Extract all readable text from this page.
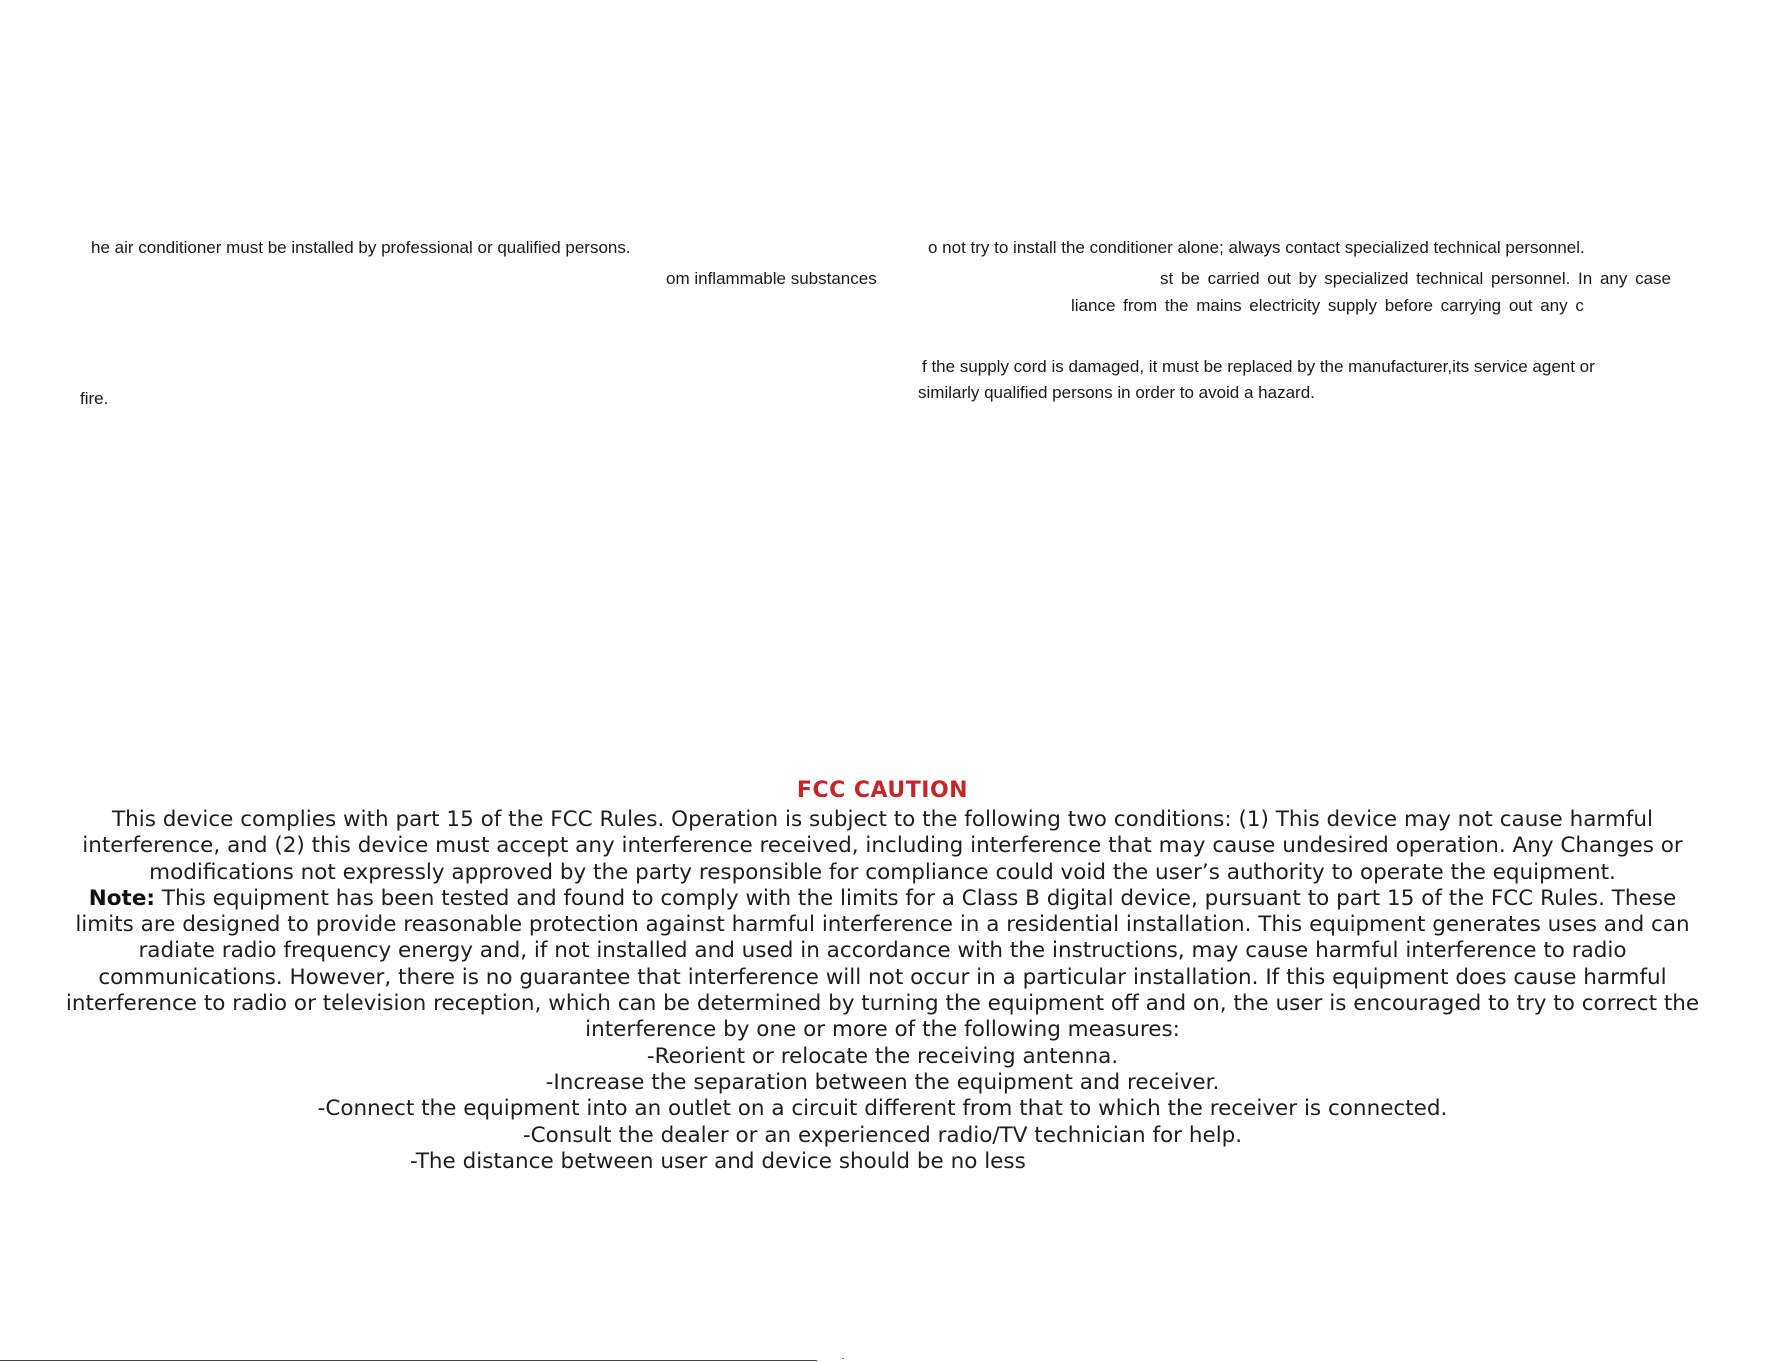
he air conditioner must be installed by professional or qualified persons.
om inflammable substances
fire.
o not try to install the conditioner alone; always contact specialized technical personnel.
st be carried out by specialized technical personnel. In any case
liance from the mains electricity supply before carrying out any c
f the supply cord is damaged, it must be replaced by the manufacturer,its service agent or
similarly qualified persons in order to avoid a hazard.
FCC CAUTION

This device complies with part 15 of the FCC Rules. Operation is subject to the following two conditions: (1) This device may not cause harmful interference, and (2) this device must accept any interference received, including interference that may cause undesired operation. Any Changes or modifications not expressly approved by the party responsible for compliance could void the user’s authority to operate the equipment.

Note: This equipment has been tested and found to comply with the limits for a Class B digital device, pursuant to part 15 of the FCC Rules. These limits are designed to provide reasonable protection against harmful interference in a residential installation. This equipment generates uses and can radiate radio frequency energy and, if not installed and used in accordance with the instructions, may cause harmful interference to radio communications. However, there is no guarantee that interference will not occur in a particular installation. If this equipment does cause harmful interference to radio or television reception, which can be determined by turning the equipment off and on, the user is encouraged to try to correct the interference by one or more of the following measures:

-Reorient or relocate the receiving antenna.
-Increase the separation between the equipment and receiver.
-Connect the equipment into an outlet on a circuit different from that to which the receiver is connected.
-Consult the dealer or an experienced radio/TV technician for help.
-The distance between user and device should be no less
